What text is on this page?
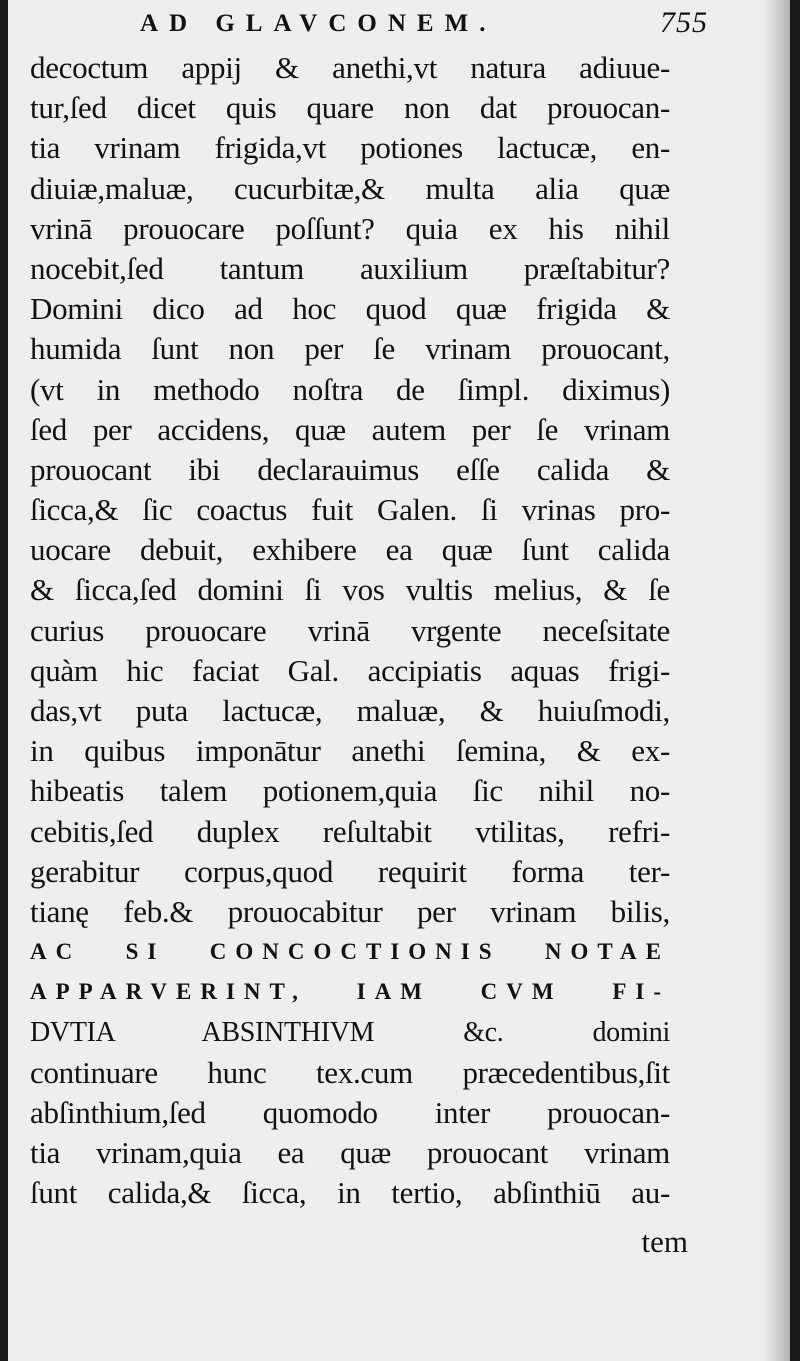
AD GLAVCONEM.	755
decoctum appij & anethi,vt natura adiuue-
tur,ſed dicet quis quare non dat prouocan-
tia vrinam frigida,vt potiones lactucæ, en-
diuiæ,maluæ, cucurbitæ,& multa alia quæ
vrinā prouocare poſſunt? quia ex his nihil
nocebit,ſed tantum auxilium præſtabitur?
Domini dico ad hoc quod quæ frigida &
humida ſunt non per ſe vrinam prouocant,
(vt in methodo noſtra de ſimpl. diximus)
ſed per accidens, quæ autem per ſe vrinam
prouocant ibi declarauimus eſſe calida &
ſicca,& ſic coactus fuit Galen. ſi vrinas pro-
uocare debuit, exhibere ea quæ ſunt calida
& ſicca,ſed domini ſi vos vultis melius, & ſe
curius prouocare vrinā vrgente neceſsitate
quàm hic faciat Gal. accipiatis aquas frigi-
das,vt puta lactucæ, maluæ, & huiuſmodi,
in quibus imponātur anethi ſemina, & ex-
hibeatis talem potionem,quia ſic nihil no-
cebitis,ſed duplex reſultabit vtilitas, refri-
gerabitur corpus,quod requirit forma ter-
tianę feb.& prouocabitur per vrinam bilis,
AC SI CONCOCTIONIS NOTAE
APPARVERINT, IAM CVM FI-
DVTIA ABSINTHIVM &c. domini
continuare hunc tex.cum præcedentibus,ſit
abſinthium,ſed quomodo inter prouocan-
tia vrinam,quia ea quæ prouocant vrinam
ſunt calida,& ſicca, in tertio, abſinthiū au-
tem
